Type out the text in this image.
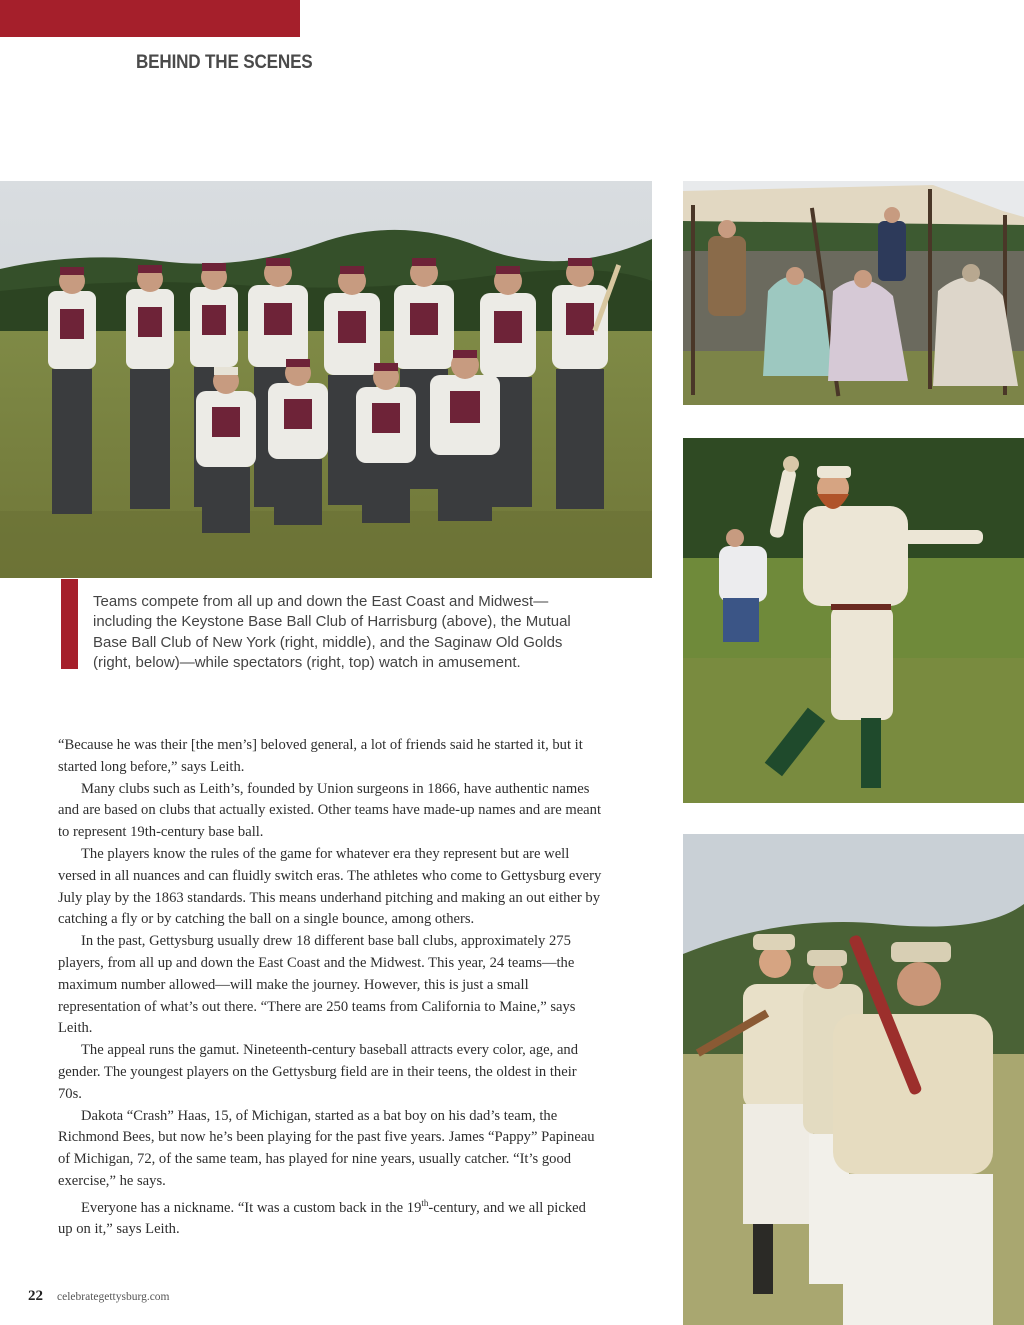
BEHIND THE SCENES

Teams compete from all up and down the East Coast and Midwest—including the Keystone Base Ball Club of Harrisburg (above), the Mutual Base Ball Club of New York (right, middle), and the Saginaw Old Golds (right, below)—while spectators (right, top) watch in amusement.

“Because he was their [the men’s] beloved general, a lot of friends said he started it, but it started long before,” says Leith.

Many clubs such as Leith’s, founded by Union surgeons in 1866, have authentic names and are based on clubs that actually existed. Other teams have made-up names and are meant to represent 19th-century base ball.

The players know the rules of the game for whatever era they represent but are well versed in all nuances and can fluidly switch eras. The athletes who come to Gettysburg every July play by the 1863 standards. This means underhand pitching and making an out either by catching a fly or by catching the ball on a single bounce, among others.

In the past, Gettysburg usually drew 18 different base ball clubs, approximately 275 players, from all up and down the East Coast and the Midwest. This year, 24 teams—the maximum number allowed—will make the journey. However, this is just a small representation of what’s out there. “There are 250 teams from California to Maine,” says Leith.

The appeal runs the gamut. Nineteenth-century baseball attracts every color, age, and gender. The youngest players on the Gettysburg field are in their teens, the oldest in their 70s.

Dakota “Crash” Haas, 15, of Michigan, started as a bat boy on his dad’s team, the Richmond Bees, but now he’s been playing for the past five years. James “Pappy” Papineau of Michigan, 72, of the same team, has played for nine years, usually catcher. “It’s good exercise,” he says.

Everyone has a nickname. “It was a custom back in the 19th-century, and we all picked up on it,” says Leith.

22 celebrategettysburg.com
